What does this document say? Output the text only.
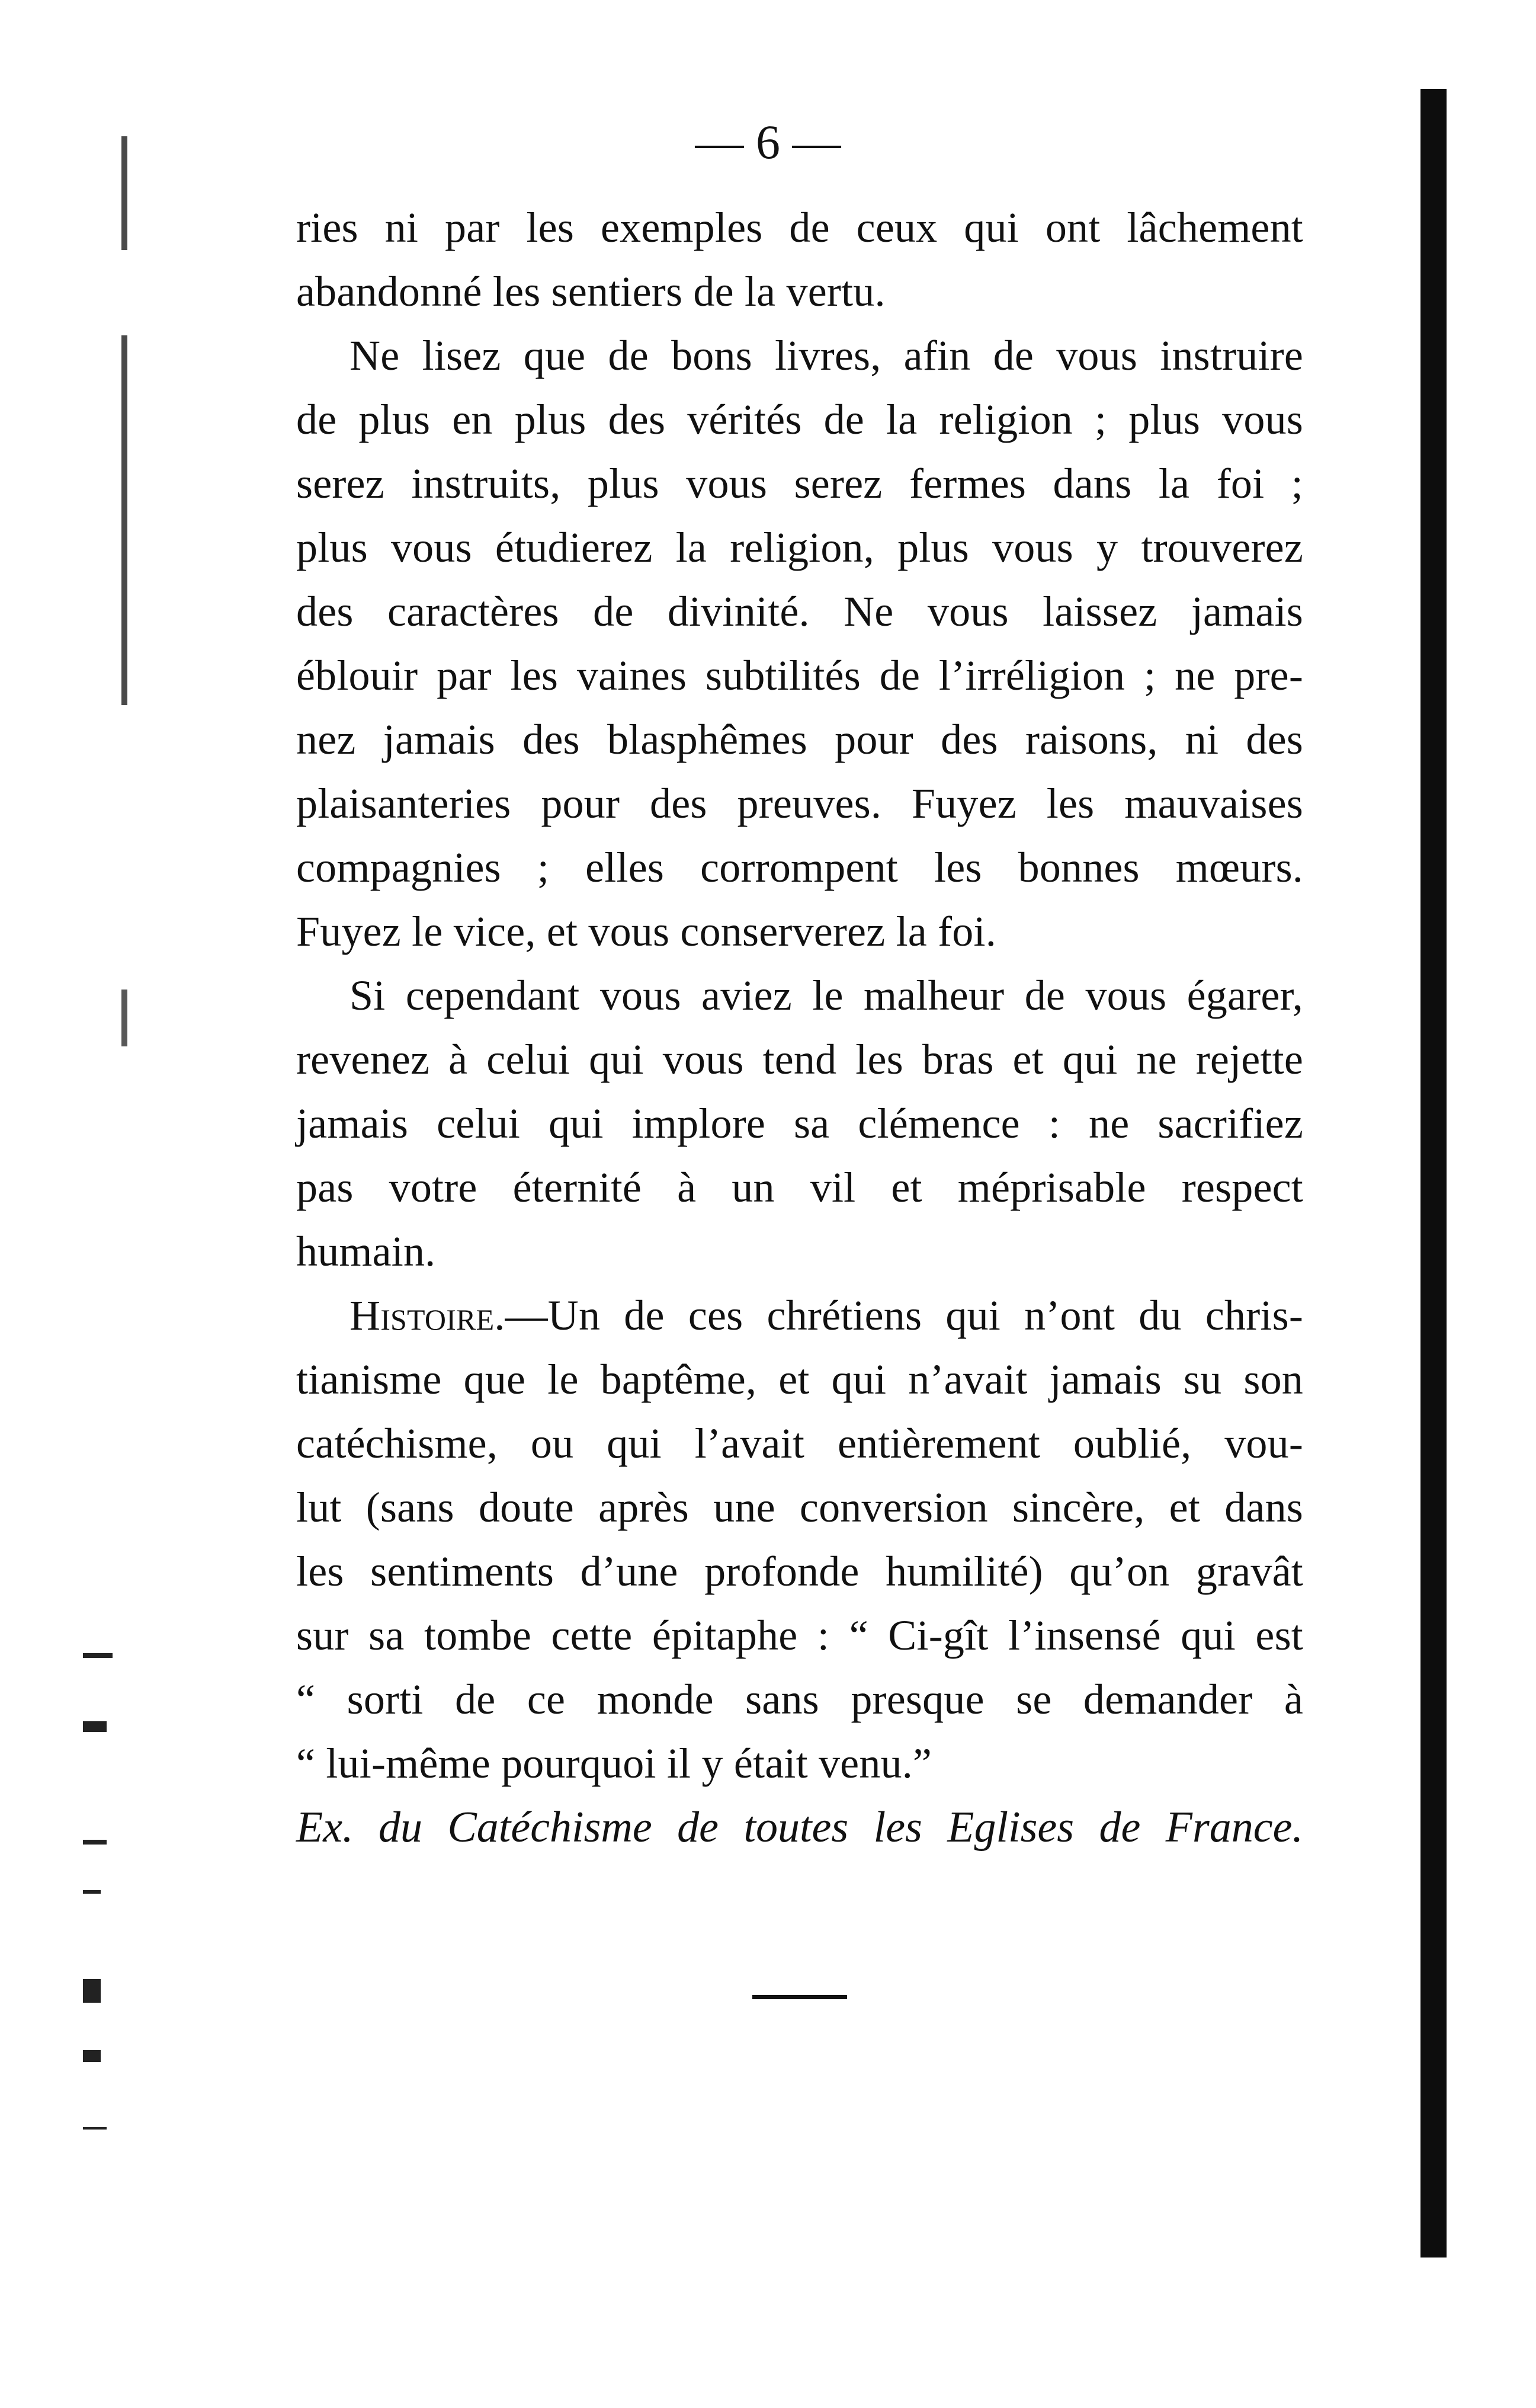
— 6 —
ries ni par les exemples de ceux qui ont lâchement
abandonné les sentiers de la vertu.
Ne lisez que de bons livres, afin de vous instruire
de plus en plus des vérités de la religion ; plus vous
serez instruits, plus vous serez fermes dans la foi ;
plus vous étudierez la religion, plus vous y trouverez
des caractères de divinité. Ne vous laissez jamais
éblouir par les vaines subtilités de l’irréligion ; ne pre-
nez jamais des blasphêmes pour des raisons, ni des
plaisanteries pour des preuves. Fuyez les mauvaises
compagnies ; elles corrompent les bonnes mœurs.
Fuyez le vice, et vous conserverez la foi.
Si cependant vous aviez le malheur de vous égarer,
revenez à celui qui vous tend les bras et qui ne rejette
jamais celui qui implore sa clémence : ne sacrifiez
pas votre éternité à un vil et méprisable respect
humain.
Histoire.—Un de ces chrétiens qui n’ont du chris-
tianisme que le baptême, et qui n’avait jamais su son
catéchisme, ou qui l’avait entièrement oublié, vou-
lut (sans doute après une conversion sincère, et dans
les sentiments d’une profonde humilité) qu’on gravât
sur sa tombe cette épitaphe : “ Ci-gît l’insensé qui est
“ sorti de ce monde sans presque se demander à
“ lui-même pourquoi il y était venu.”
Ex. du Catéchisme de toutes les Eglises de France.
